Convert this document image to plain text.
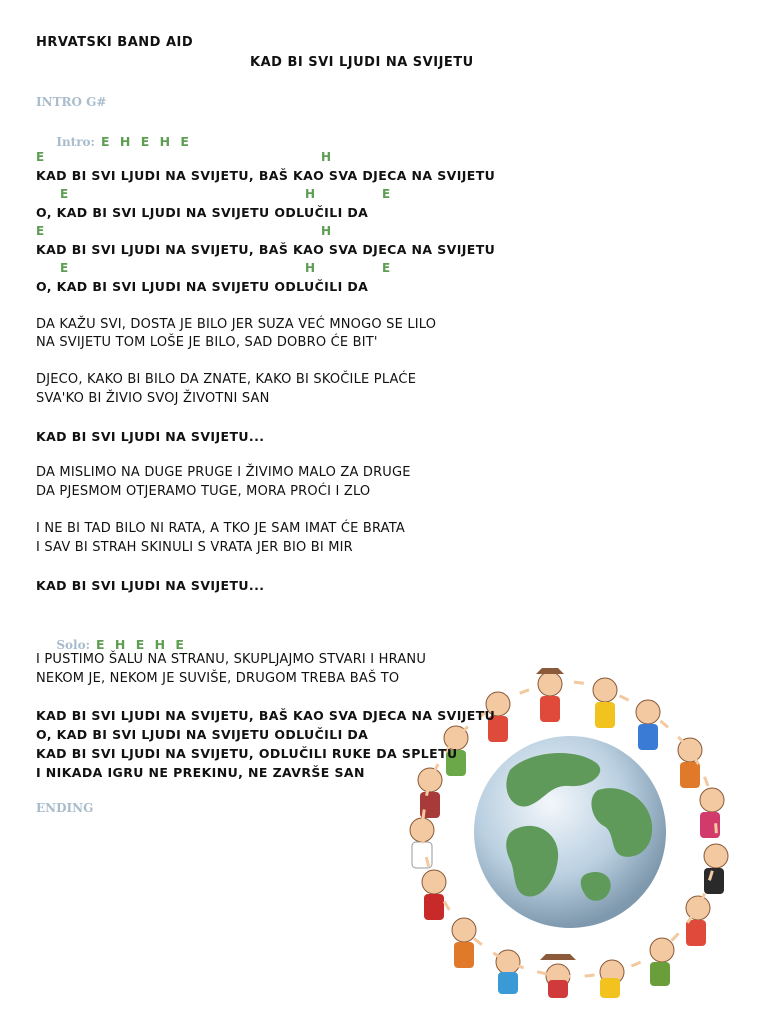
HRVATSKI BAND AID
KAD BI SVI LJUDI NA SVIJETU
INTRO G#

Intro: E H E H E

E	H
KAD BI SVI LJUDI NA SVIJETU, BAŠ KAO SVA DJECA NA SVIJETU
E	H	E
O, KAD BI SVI LJUDI NA SVIJETU ODLUČILI DA
E	H
KAD BI SVI LJUDI NA SVIJETU, BAŠ KAO SVA DJECA NA SVIJETU
E	H	E
O, KAD BI SVI LJUDI NA SVIJETU ODLUČILI DA
DA KAŽU SVI, DOSTA JE BILO JER SUZA VEĆ MNOGO SE LILO
NA SVIJETU TOM LOŠE JE BILO, SAD DOBRO ĆE BIT'
DJECO, KAKO BI BILO DA ZNATE, KAKO BI SKOČILE PLAĆE
SVA'KO BI ŽIVIO SVOJ ŽIVOTNI SAN
KAD BI SVI LJUDI NA SVIJETU...
DA MISLIMO NA DUGE PRUGE I ŽIVIMO MALO ZA DRUGE
DA PJESMOM OTJERAMO TUGE, MORA PROĆI I ZLO
I NE BI TAD BILO NI RATA, A TKO JE SAM IMAT ĆE BRATA
I SAV BI STRAH SKINULI S VRATA JER BIO BI MIR
KAD BI SVI LJUDI NA SVIJETU...

Solo: E H E H E

I PUSTIMO ŠALU NA STRANU, SKUPLJAJMO STVARI I HRANU
NEKOM JE, NEKOM JE SUVIŠE, DRUGOM TREBA BAŠ TO
KAD BI SVI LJUDI NA SVIJETU, BAŠ KAO SVA DJECA NA SVIJETU
O, KAD BI SVI LJUDI NA SVIJETU ODLUČILI DA
KAD BI SVI LJUDI NA SVIJETU, ODLUČILI RUKE DA SPLETU
I NIKADA IGRU NE PREKINU, NE ZAVRŠE SAN
ENDING
